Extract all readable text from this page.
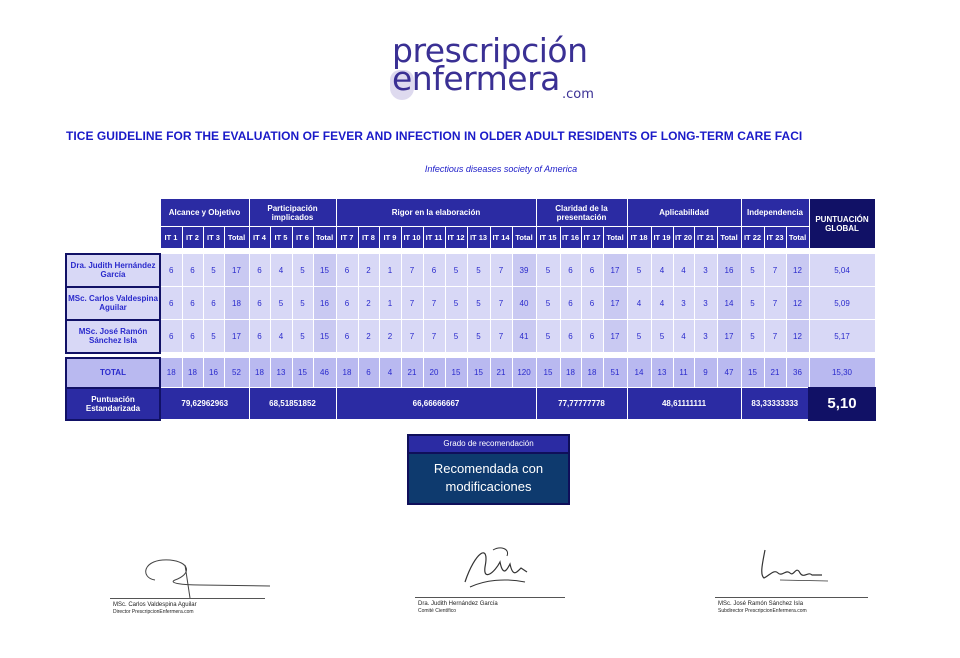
prescripción
enfermera .com
TICE GUIDELINE FOR THE EVALUATION OF FEVER AND INFECTION IN OLDER ADULT RESIDENTS OF LONG-TERM CARE FACI
Infectious diseases society of America
	Alcance y Objetivo				Participación implicados				Rigor en la elaboración									Claridad de la presentación				Aplicabilidad					Independencia			PUNTUACIÓN GLOBAL
	IT 1	IT 2	IT 3	Total	IT 4	IT 5	IT 6	Total	IT 7	IT 8	IT 9	IT 10	IT 11	IT 12	IT 13	IT 14	Total	IT 15	IT 16	IT 17	Total	IT 18	IT 19	IT 20	IT 21	Total	IT 22	IT 23	Total	

Dra. Judith Hernández García	6	6	5	17	6	4	5	15	6	2	1	7	6	5	5	7	39	5	6	6	17	5	4	4	3	16	5	7	12	5,04
MSc. Carlos Valdespina Aguilar	6	6	6	18	6	5	5	16	6	2	1	7	7	5	5	7	40	5	6	6	17	4	4	3	3	14	5	7	12	5,09
MSc. José Ramón Sánchez Isla	6	6	5	17	6	4	5	15	6	2	2	7	7	5	5	7	41	5	6	6	17	5	5	4	3	17	5	7	12	5,17

TOTAL	18	18	16	52	18	13	15	46	18	6	4	21	20	15	15	21	120	15	18	18	51	14	13	11	9	47	15	21	36	15,30
Puntuación Estandarizada	79,62962963				68,51851852				66,66666667									77,77777778				48,61111111					83,33333333			5,10
Grado de recomendación
Recomendada con modificaciones
MSc. Carlos Valdespina Aguilar
Director PrescripcionEnfermera.com
Dra. Judith Hernández García
Comité Científico
MSc. José Ramón Sánchez Isla
Subdirector PrescripcionEnfermera.com
